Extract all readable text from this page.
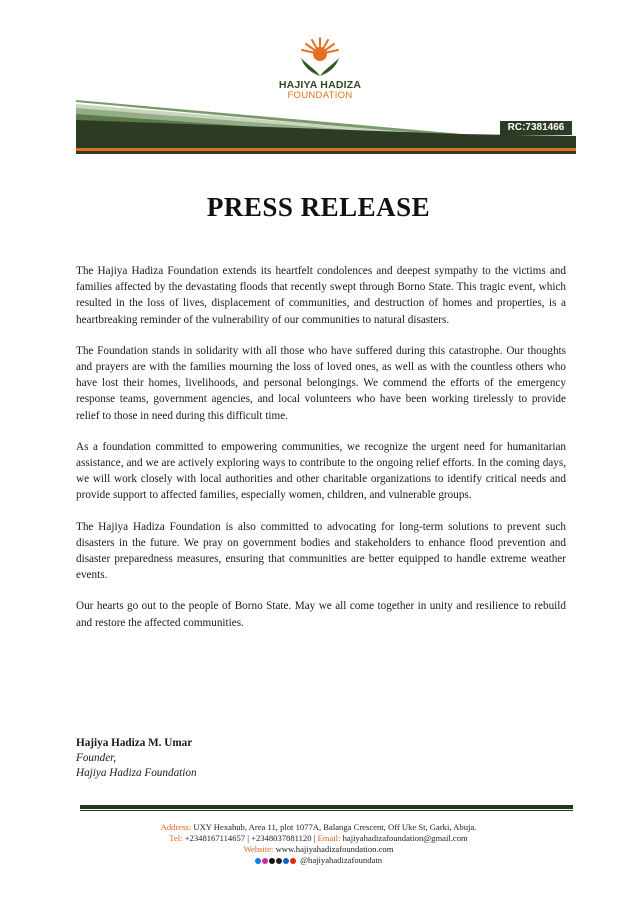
HAJIYA HADIZA
FOUNDATION
RC:7381466
PRESS RELEASE

The Hajiya Hadiza Foundation extends its heartfelt condolences and deepest sympathy to the victims and families affected by the devastating floods that recently swept through Borno State. This tragic event, which resulted in the loss of lives, displacement of communities, and destruction of homes and properties, is a heartbreaking reminder of the vulnerability of our communities to natural disasters.

The Foundation stands in solidarity with all those who have suffered during this catastrophe. Our thoughts and prayers are with the families mourning the loss of loved ones, as well as with the countless others who have lost their homes, livelihoods, and personal belongings. We commend the efforts of the emergency response teams, government agencies, and local volunteers who have been working tirelessly to provide relief to those in need during this difficult time.

As a foundation committed to empowering communities, we recognize the urgent need for humanitarian assistance, and we are actively exploring ways to contribute to the ongoing relief efforts. In the coming days, we will work closely with local authorities and other charitable organizations to identify critical needs and provide support to affected families, especially women, children, and vulnerable groups.

The Hajiya Hadiza Foundation is also committed to advocating for long-term solutions to prevent such disasters in the future. We pray on government bodies and stakeholders to enhance flood prevention and disaster preparedness measures, ensuring that communities are better equipped to handle extreme weather events.

Our hearts go out to the people of Borno State. May we all come together in unity and resilience to rebuild and restore the affected communities.

Hajiya Hadiza M. Umar
Founder,
Hajiya Hadiza Foundation
Address: UXY Hexahub, Area 11, plot 1077A, Balanga Crescent, Off Uke St, Garki, Abuja.
Tel: +2348167114657 | +2348037881120 | Email: hajiyahadizafoundation@gmail.com
Website: www.hajiyahadizafoundation.com
@hajiyahadizafoundatn
